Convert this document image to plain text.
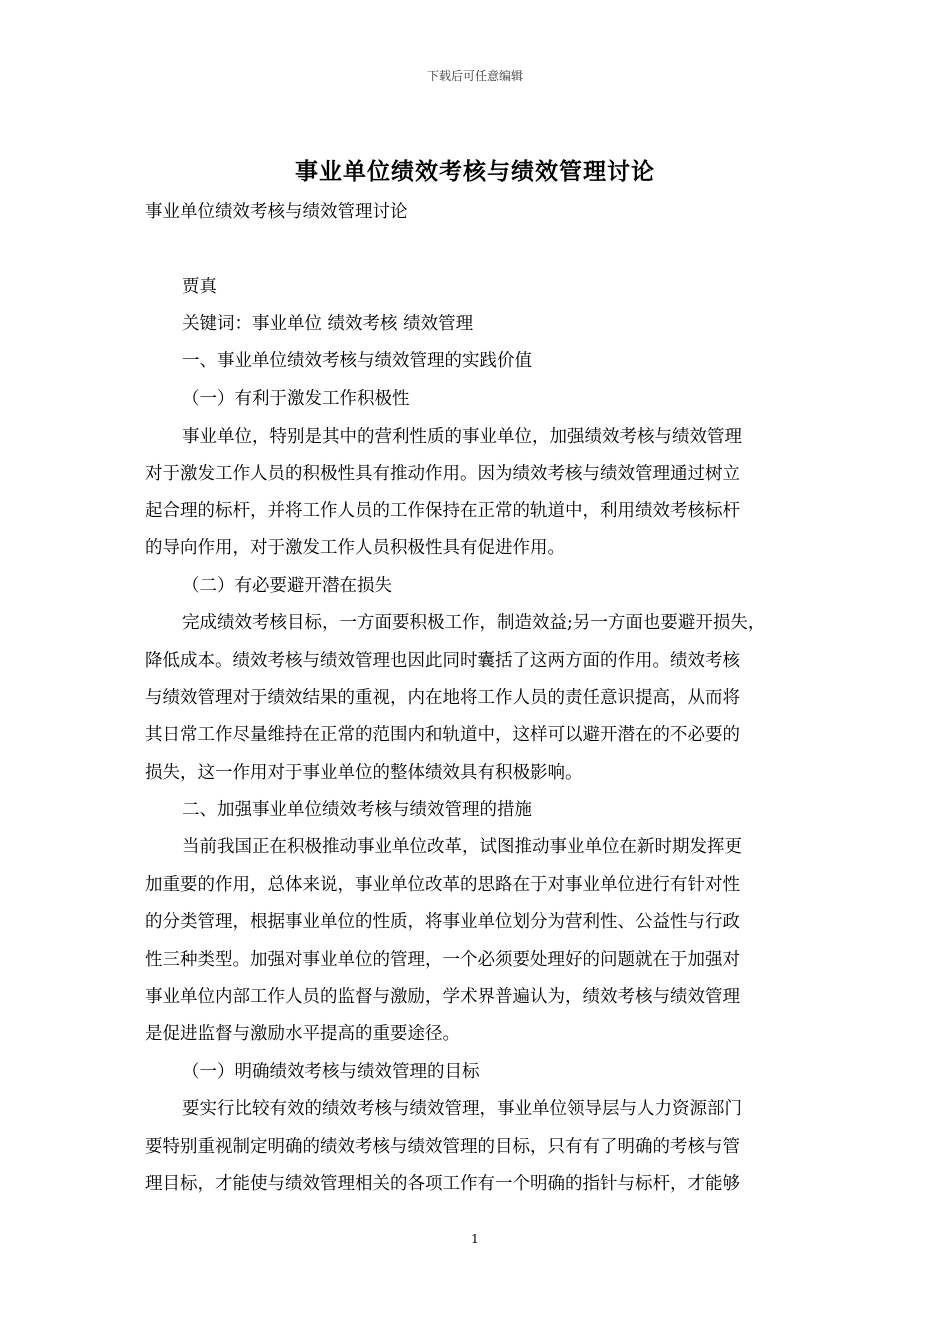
下载后可任意编辑
事业单位绩效考核与绩效管理讨论
事业单位绩效考核与绩效管理讨论
贾真
关键词：事业单位 绩效考核 绩效管理
一、事业单位绩效考核与绩效管理的实践价值
（一）有利于激发工作积极性
事业单位，特别是其中的营利性质的事业单位，加强绩效考核与绩效管理
对于激发工作人员的积极性具有推动作用。因为绩效考核与绩效管理通过树立
起合理的标杆，并将工作人员的工作保持在正常的轨道中，利用绩效考核标杆
的导向作用，对于激发工作人员积极性具有促进作用。
（二）有必要避开潜在损失
完成绩效考核目标，一方面要积极工作，制造效益;另一方面也要避开损失，
降低成本。绩效考核与绩效管理也因此同时囊括了这两方面的作用。绩效考核
与绩效管理对于绩效结果的重视，内在地将工作人员的责任意识提高，从而将
其日常工作尽量维持在正常的范围内和轨道中，这样可以避开潜在的不必要的
损失，这一作用对于事业单位的整体绩效具有积极影响。
二、加强事业单位绩效考核与绩效管理的措施
当前我国正在积极推动事业单位改革，试图推动事业单位在新时期发挥更
加重要的作用，总体来说，事业单位改革的思路在于对事业单位进行有针对性
的分类管理，根据事业单位的性质，将事业单位划分为营利性、公益性与行政
性三种类型。加强对事业单位的管理，一个必须要处理好的问题就在于加强对
事业单位内部工作人员的监督与激励，学术界普遍认为，绩效考核与绩效管理
是促进监督与激励水平提高的重要途径。
（一）明确绩效考核与绩效管理的目标
要实行比较有效的绩效考核与绩效管理，事业单位领导层与人力资源部门
要特别重视制定明确的绩效考核与绩效管理的目标，只有有了明确的考核与管
理目标，才能使与绩效管理相关的各项工作有一个明确的指针与标杆，才能够
1
